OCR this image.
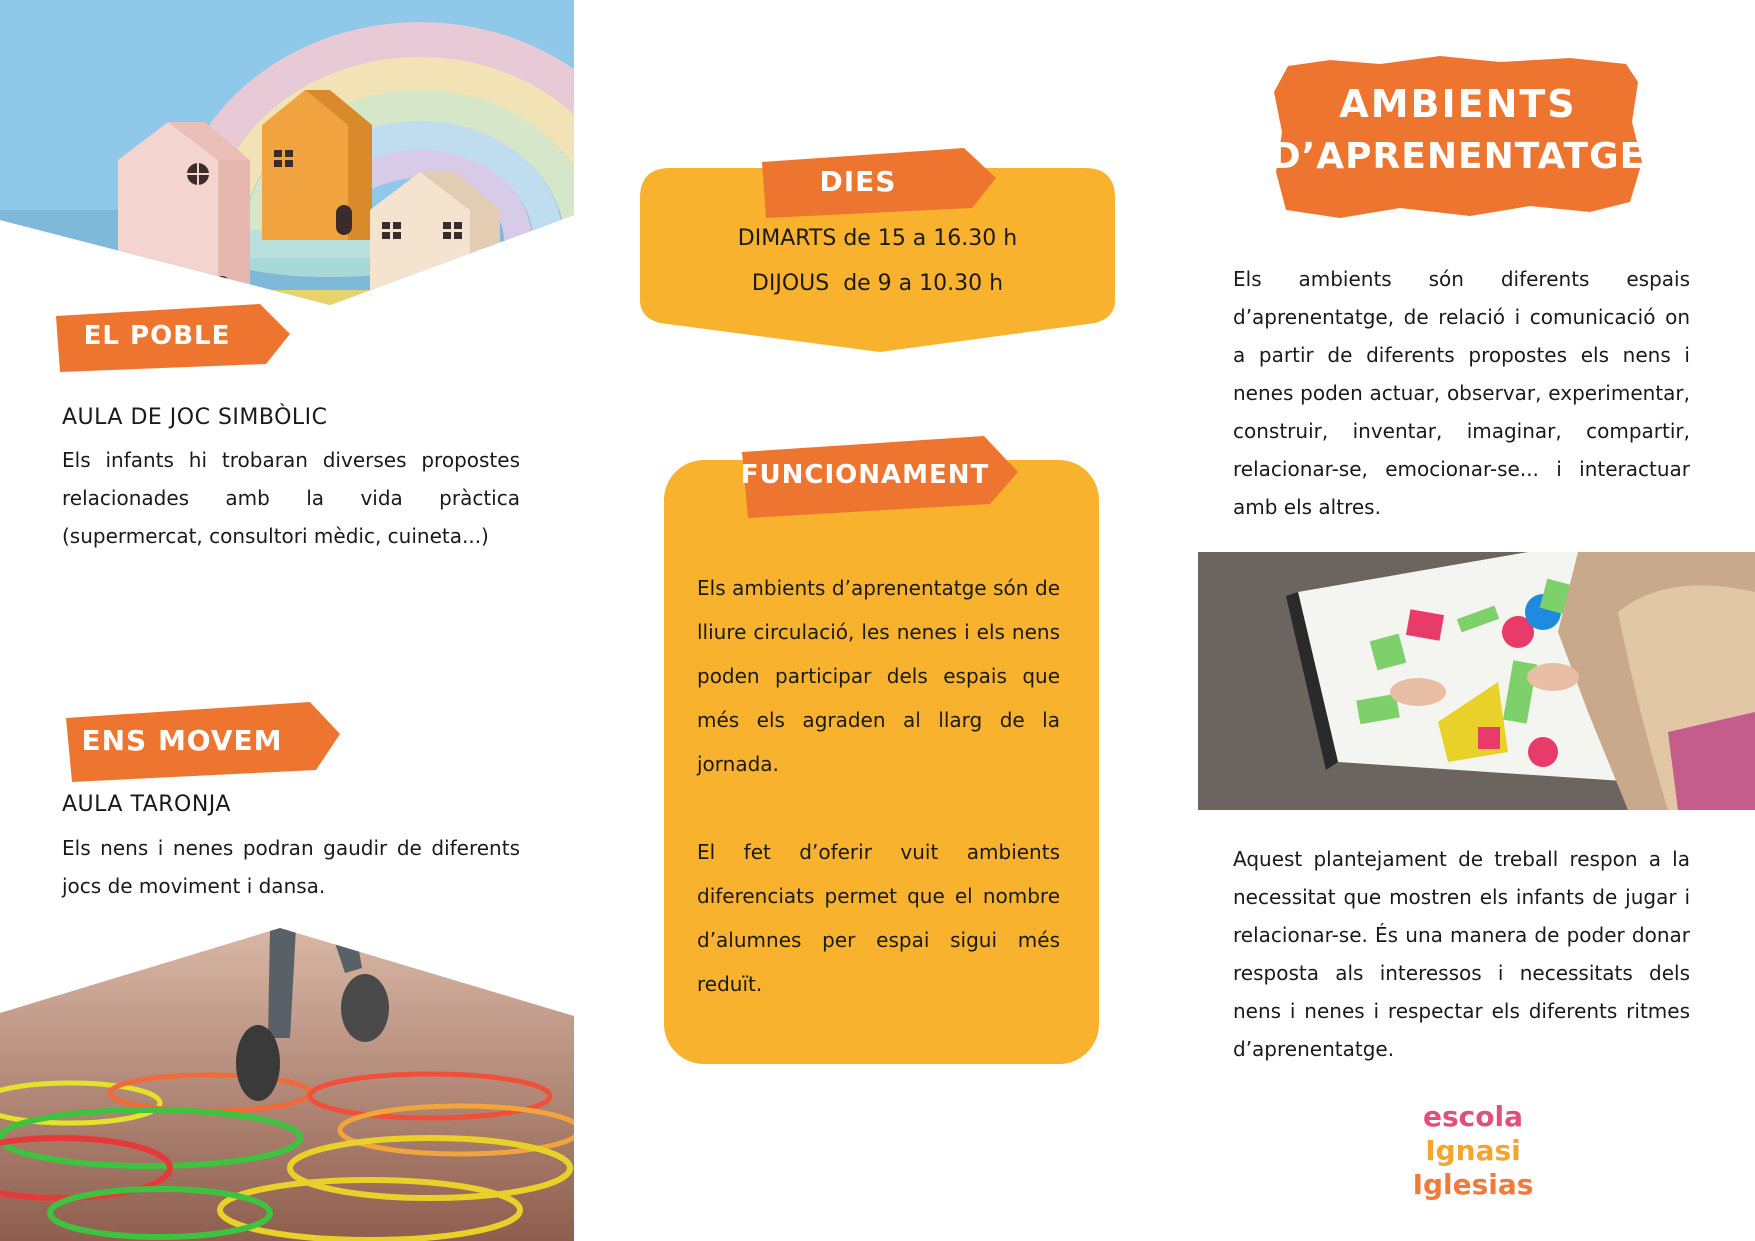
EL POBLE
AULA DE JOC SIMBÒLIC
Els infants hi trobaran diverses propostes relacionades amb la vida pràctica (supermercat, consultori mèdic, cuineta...)
ENS MOVEM
AULA TARONJA
Els nens i nenes podran gaudir de diferents jocs de moviment i dansa.
DIES
DIMARTS de 15 a 16.30 h
DIJOUS  de 9 a 10.30 h
FUNCIONAMENT
Els ambients d’aprenentatge són de lliure circulació, les nenes i els nens poden participar dels espais que més els agraden al llarg de la jornada.
El fet d’oferir vuit ambients diferenciats permet que el nombre d’alumnes per espai sigui més reduït.
AMBIENTS
D’APRENENTATGE
Els ambients són diferents espais d’aprenentatge, de relació i comunicació on a partir de diferents propostes els nens i nenes poden actuar, observar, experimentar, construir, inventar, imaginar, compartir, relacionar-se, emocionar-se... i interactuar amb els altres.
Aquest plantejament de treball respon a la necessitat que mostren els infants de jugar i relacionar-se. És una manera de poder donar resposta als interessos i necessitats dels nens i nenes i respectar els diferents ritmes d’aprenentatge.
escola
Ignasi
Iglesias
